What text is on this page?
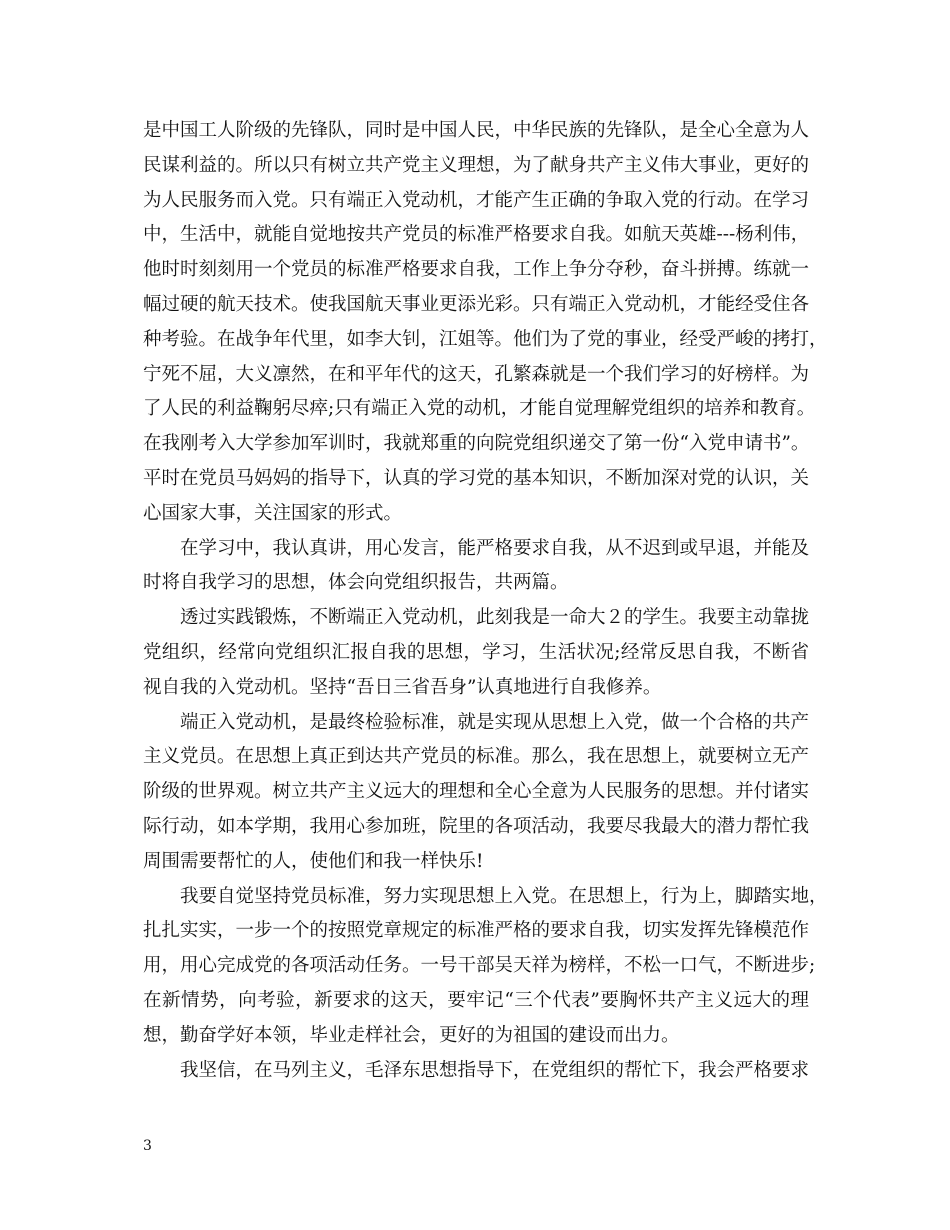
是中国工人阶级的先锋队，同时是中国人民，中华民族的先锋队，是全心全意为人
民谋利益的。所以只有树立共产党主义理想，为了献身共产主义伟大事业，更好的
为人民服务而入党。只有端正入党动机，才能产生正确的争取入党的行动。在学习
中，生活中，就能自觉地按共产党员的标准严格要求自我。如航天英雄---杨利伟，
他时时刻刻用一个党员的标准严格要求自我，工作上争分夺秒，奋斗拼搏。练就一
幅过硬的航天技术。使我国航天事业更添光彩。只有端正入党动机，才能经受住各
种考验。在战争年代里，如李大钊，江姐等。他们为了党的事业，经受严峻的拷打，
宁死不屈，大义凛然，在和平年代的这天，孔繁森就是一个我们学习的好榜样。为
了人民的利益鞠躬尽瘁;只有端正入党的动机，才能自觉理解党组织的培养和教育。
在我刚考入大学参加军训时，我就郑重的向院党组织递交了第一份“入党申请书”。
平时在党员马妈妈的指导下，认真的学习党的基本知识，不断加深对党的认识，关
心国家大事，关注国家的形式。
在学习中，我认真讲，用心发言，能严格要求自我，从不迟到或早退，并能及
时将自我学习的思想，体会向党组织报告，共两篇。
透过实践锻炼，不断端正入党动机，此刻我是一命大２的学生。我要主动靠拢
党组织，经常向党组织汇报自我的思想，学习，生活状况;经常反思自我，不断省
视自我的入党动机。坚持“吾日三省吾身”认真地进行自我修养。
端正入党动机，是最终检验标准，就是实现从思想上入党，做一个合格的共产
主义党员。在思想上真正到达共产党员的标准。那么，我在思想上，就要树立无产
阶级的世界观。树立共产主义远大的理想和全心全意为人民服务的思想。并付诸实
际行动，如本学期，我用心参加班，院里的各项活动，我要尽我最大的潜力帮忙我
周围需要帮忙的人，使他们和我一样快乐!
我要自觉坚持党员标准，努力实现思想上入党。在思想上，行为上，脚踏实地，
扎扎实实，一步一个的按照党章规定的标准严格的要求自我，切实发挥先锋模范作
用，用心完成党的各项活动任务。一号干部吴天祥为榜样，不松一口气，不断进步;
在新情势，向考验，新要求的这天，要牢记“三个代表”要胸怀共产主义远大的理
想，勤奋学好本领，毕业走样社会，更好的为祖国的建设而出力。
我坚信，在马列主义，毛泽东思想指导下，在党组织的帮忙下，我会严格要求
3
